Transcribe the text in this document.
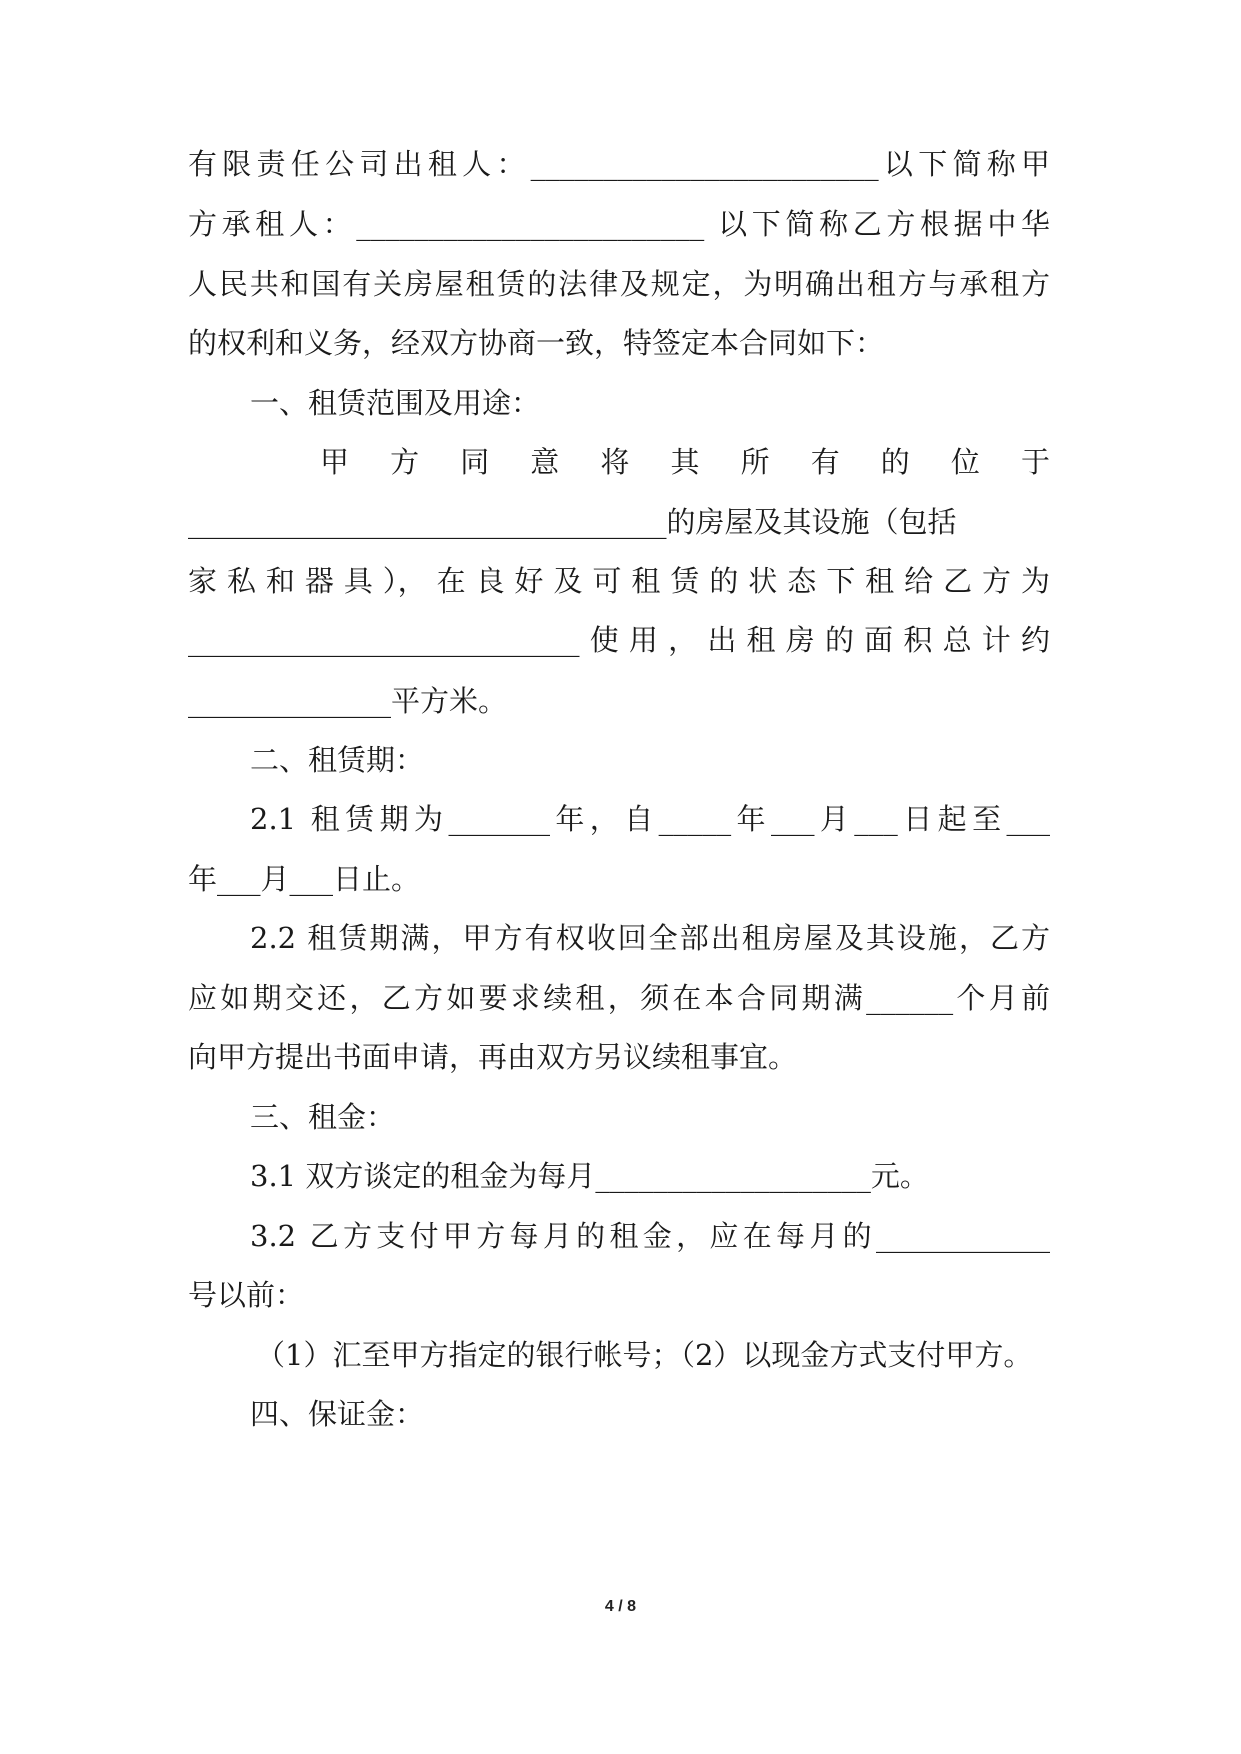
有限责任公司出租人：________________________以下简称甲
方承租人：________________________ 以下简称乙方根据中华
人民共和国有关房屋租赁的法律及规定，为明确出租方与承租方
的权利和义务，经双方协商一致，特签定本合同如下：
一、租赁范围及用途：
甲 方 同 意 将 其 所 有 的 位 于
_________________________________的房屋及其设施（包括
家 私 和 器 具 ）， 在 良 好 及 可 租 赁 的 状 态 下 租 给 乙 方 为
___________________________使用，出租房的面积总计约
______________平方米。
二、租赁期：
2.1 租赁期为_______年，自_____年___月___日起至___
年___月___日止。
2.2 租赁期满，甲方有权收回全部出租房屋及其设施，乙方
应如期交还，乙方如要求续租，须在本合同期满______个月前
向甲方提出书面申请，再由双方另议续租事宜。
三、租金：
3.1 双方谈定的租金为每月___________________元。
3.2 乙方支付甲方每月的租金，应在每月的____________
号以前：
（1）汇至甲方指定的银行帐号；（2）以现金方式支付甲方。
四、保证金：
4 / 8
